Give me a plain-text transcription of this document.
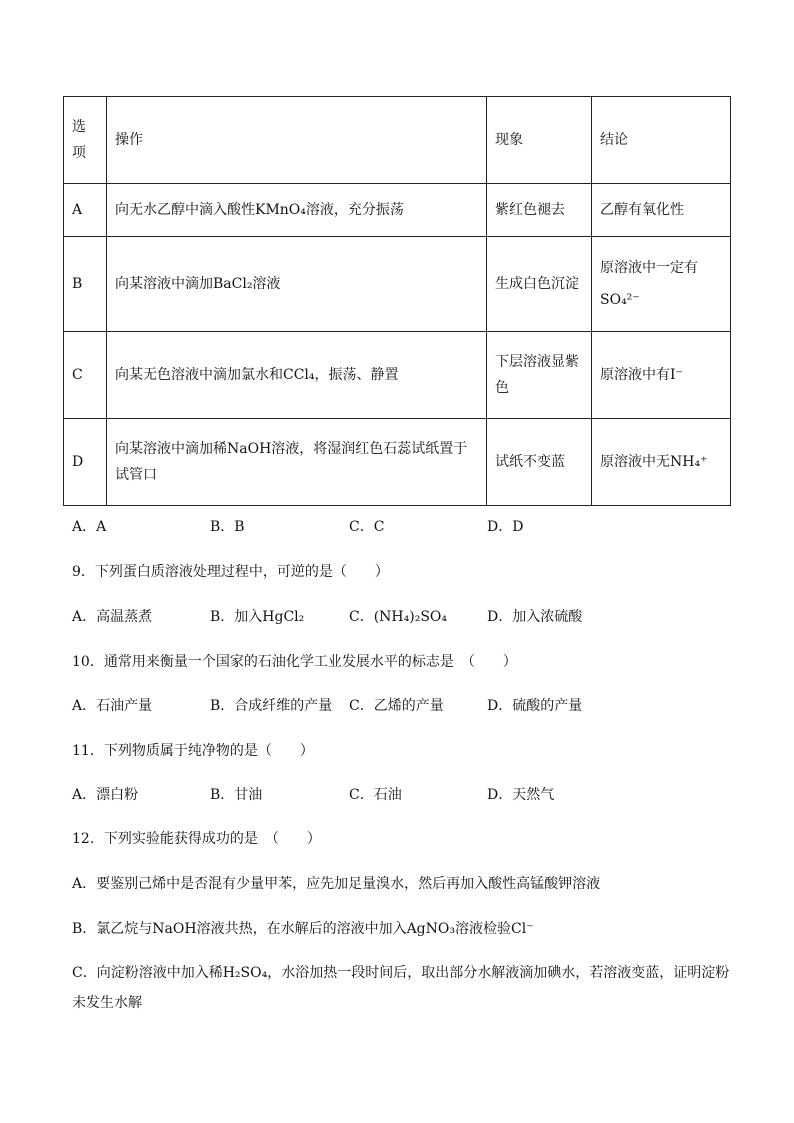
选
项	操作	现象	结论
A	向无水乙醇中滴入酸性KMnO₄溶液，充分振荡	紫红色褪去	乙醇有氧化性
B	向某溶液中滴加BaCl₂溶液	生成白色沉淀	原溶液中一定有
SO₄²⁻

C	向某无色溶液中滴加氯水和CCl₄，振荡、静置	下层溶液显紫色	原溶液中有I⁻
D	向某溶液中滴加稀NaOH溶液，将湿润红色石蕊试纸置于试管口	试纸不变蓝	原溶液中无NH₄⁺
A．A	B．B	C．C	D．D
9．下列蛋白质溶液处理过程中，可逆的是（　　）
A．高温蒸煮	B．加入HgCl₂	C．(NH₄)₂SO₄	D．加入浓硫酸
10．通常用来衡量一个国家的石油化学工业发展水平的标志是　（　　）
A．石油产量	B．合成纤维的产量 C．乙烯的产量	D．硫酸的产量
11．下列物质属于纯净物的是（　　）
A．漂白粉	B．甘油	C．石油	D．天然气
12．下列实验能获得成功的是　（　　）
A．要鉴别己烯中是否混有少量甲苯，应先加足量溴水，然后再加入酸性高锰酸钾溶液
B．氯乙烷与NaOH溶液共热，在水解后的溶液中加入AgNO₃溶液检验Cl⁻
C．向淀粉溶液中加入稀H₂SO₄，水浴加热一段时间后，取出部分水解液滴加碘水，若溶液变蓝，证明淀粉
未发生水解
